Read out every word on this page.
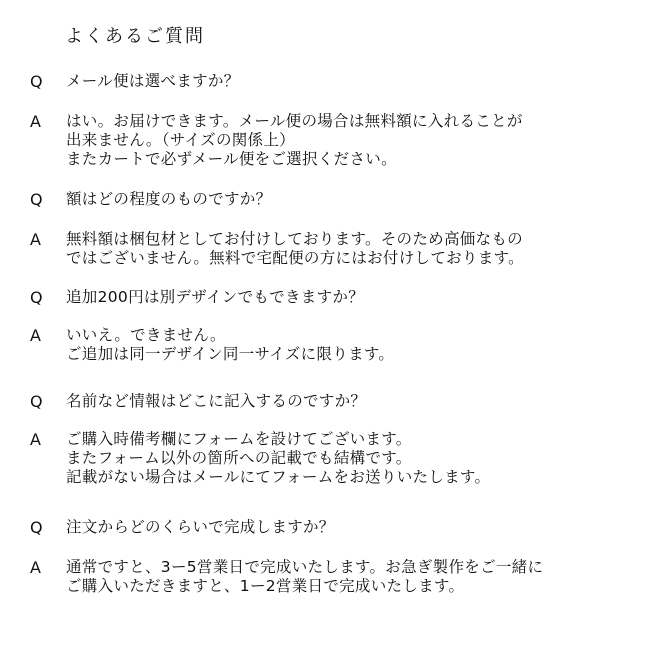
よくあるご質問
Q メール便は選べますか？
A はい。お届けできます。メール便の場合は無料額に入れることが
出来ません。（サイズの関係上）
またカートで必ずメール便をご選択ください。
Q 額はどの程度のものですか？
A 無料額は梱包材としてお付けしております。そのため高価なもの
ではございません。無料で宅配便の方にはお付けしております。
Q 追加200円は別デザインでもできますか？
A いいえ。できません。
ご追加は同一デザイン同一サイズに限ります。
Q 名前など情報はどこに記入するのですか？
A ご購入時備考欄にフォームを設けてございます。
またフォーム以外の箇所への記載でも結構です。
記載がない場合はメールにてフォームをお送りいたします。
Q 注文からどのくらいで完成しますか？
A 通常ですと、3ー5営業日で完成いたします。お急ぎ製作をご一緒に
ご購入いただきますと、1ー2営業日で完成いたします。
